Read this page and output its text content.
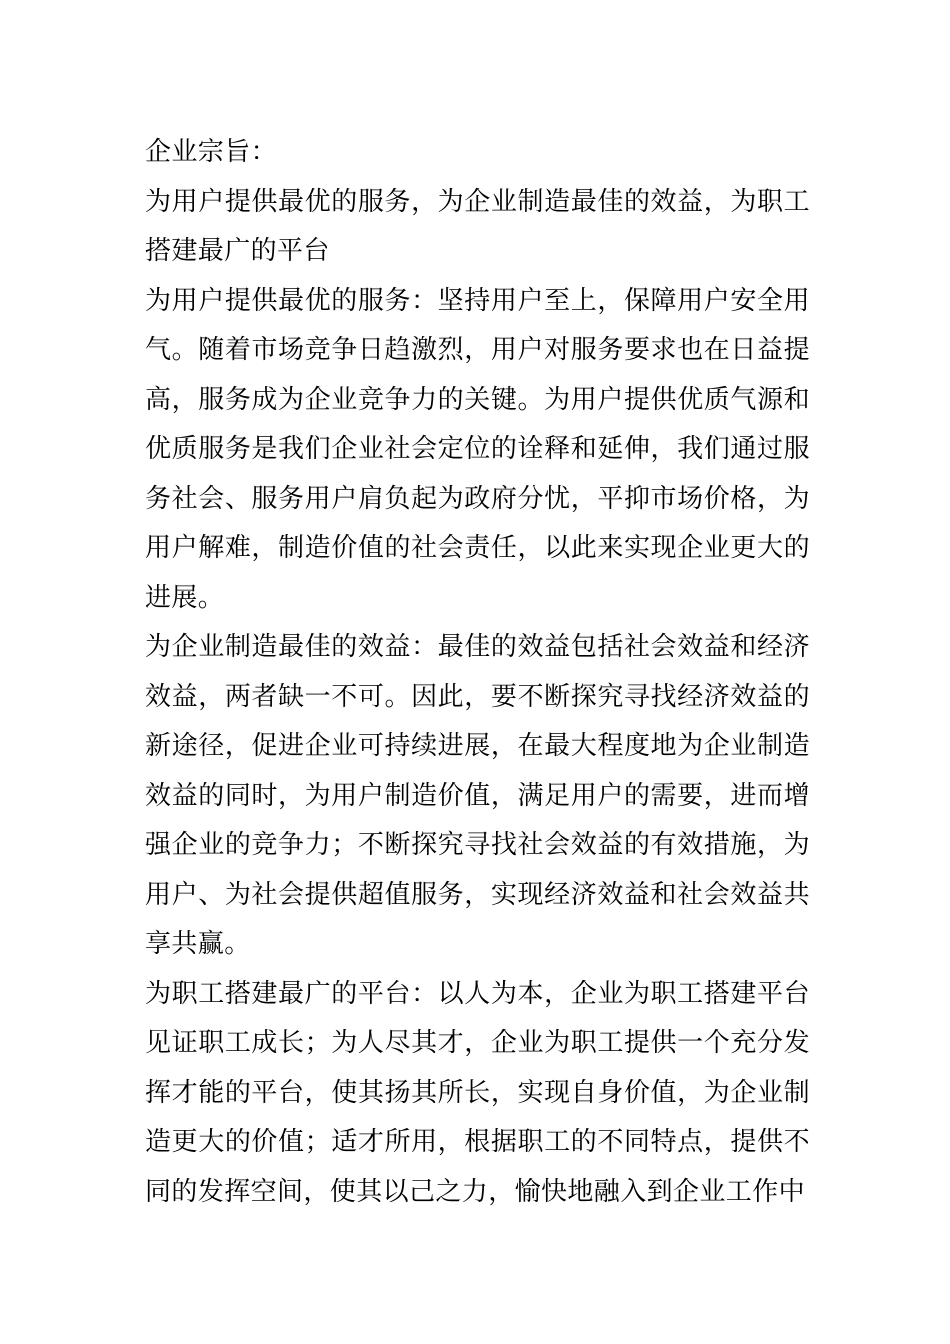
企业宗旨：

为用户提供最优的服务，为企业制造最佳的效益，为职工搭建最广的平台

为用户提供最优的服务：坚持用户至上，保障用户安全用气。随着市场竞争日趋激烈，用户对服务要求也在日益提高，服务成为企业竞争力的关键。为用户提供优质气源和优质服务是我们企业社会定位的诠释和延伸，我们通过服务社会、服务用户肩负起为政府分忧，平抑市场价格，为用户解难，制造价值的社会责任，以此来实现企业更大的进展。

为企业制造最佳的效益：最佳的效益包括社会效益和经济效益，两者缺一不可。因此，要不断探究寻找经济效益的新途径，促进企业可持续进展，在最大程度地为企业制造效益的同时，为用户制造价值，满足用户的需要，进而增强企业的竞争力；不断探究寻找社会效益的有效措施，为用户、为社会提供超值服务，实现经济效益和社会效益共享共赢。

为职工搭建最广的平台：以人为本，企业为职工搭建平台见证职工成长；为人尽其才，企业为职工提供一个充分发挥才能的平台，使其扬其所长，实现自身价值，为企业制造更大的价值；适才所用，根据职工的不同特点，提供不同的发挥空间，使其以己之力，愉快地融入到企业工作中
